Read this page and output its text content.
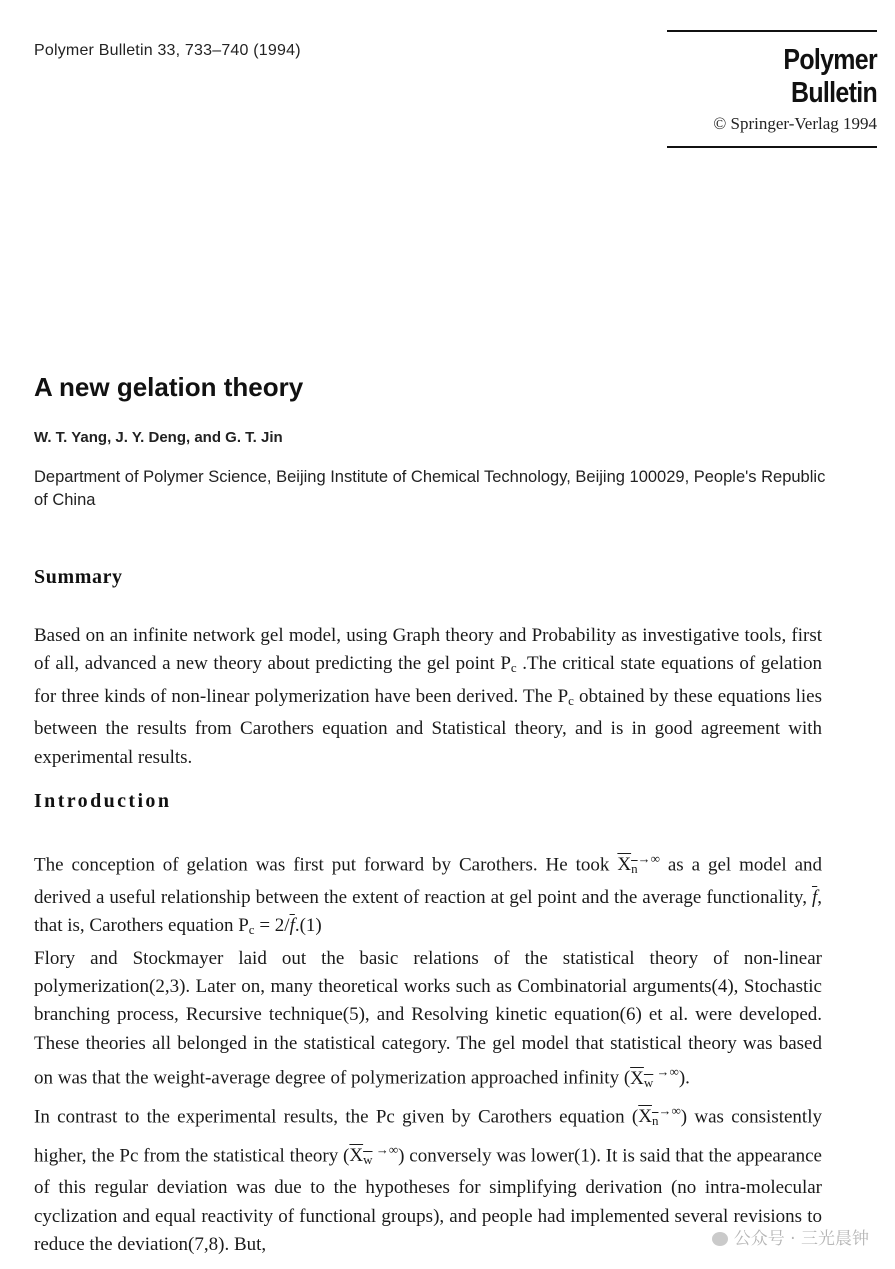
Polymer Bulletin 33, 733–740 (1994)	Polymer Bulletin
© Springer-Verlag 1994
A new gelation theory
W. T. Yang, J. Y. Deng, and G. T. Jin
Department of Polymer Science, Beijing Institute of Chemical Technology, Beijing 100029, People's Republic of China
Summary

Based on an infinite network gel model, using Graph theory and Probability as investigative tools, first of all, advanced a new theory about predicting the gel point $P_c$ .The critical state equations of gelation for three kinds of non-linear polymerization have been derived. The $P_c$ obtained by these equations lies between the results from Carothers equation and Statistical theory, and is in good agreement with experimental results.

Introduction

The conception of gelation was first put forward by Carothers. He took $X_n^{\to\infty}$ as a gel model and derived a useful relationship between the extent of reaction at gel point and the average functionality, $\overline{f}$, that is, Carothers equation $P_c = 2/\overline{f}.(1)$

Flory and Stockmayer laid out the basic relations of the statistical theory of non-linear polymerization(2,3). Later on, many theoretical works such as Combinatorial arguments(4), Stochastic branching process, Recursive technique(5), and Resolving kinetic equation(6) et al. were developed. These theories all belonged in the statistical category. The gel model that statistical theory was based on was that the weight-average degree of polymerization approached infinity ($X_w$ →∞).

In contrast to the experimental results, the Pc given by Carothers equation $(X_n^{\to\infty})$ was consistently higher, the Pc from the statistical theory ($X_w$ →∞) conversely was lower(1). It is said that the appearance of this regular deviation was due to the hypotheses for simplifying derivation (no intra-molecular cyclization and equal reactivity of functional groups), and people had implemented several revisions to reduce the deviation(7,8). But,	公众号 · 三光晨钟
